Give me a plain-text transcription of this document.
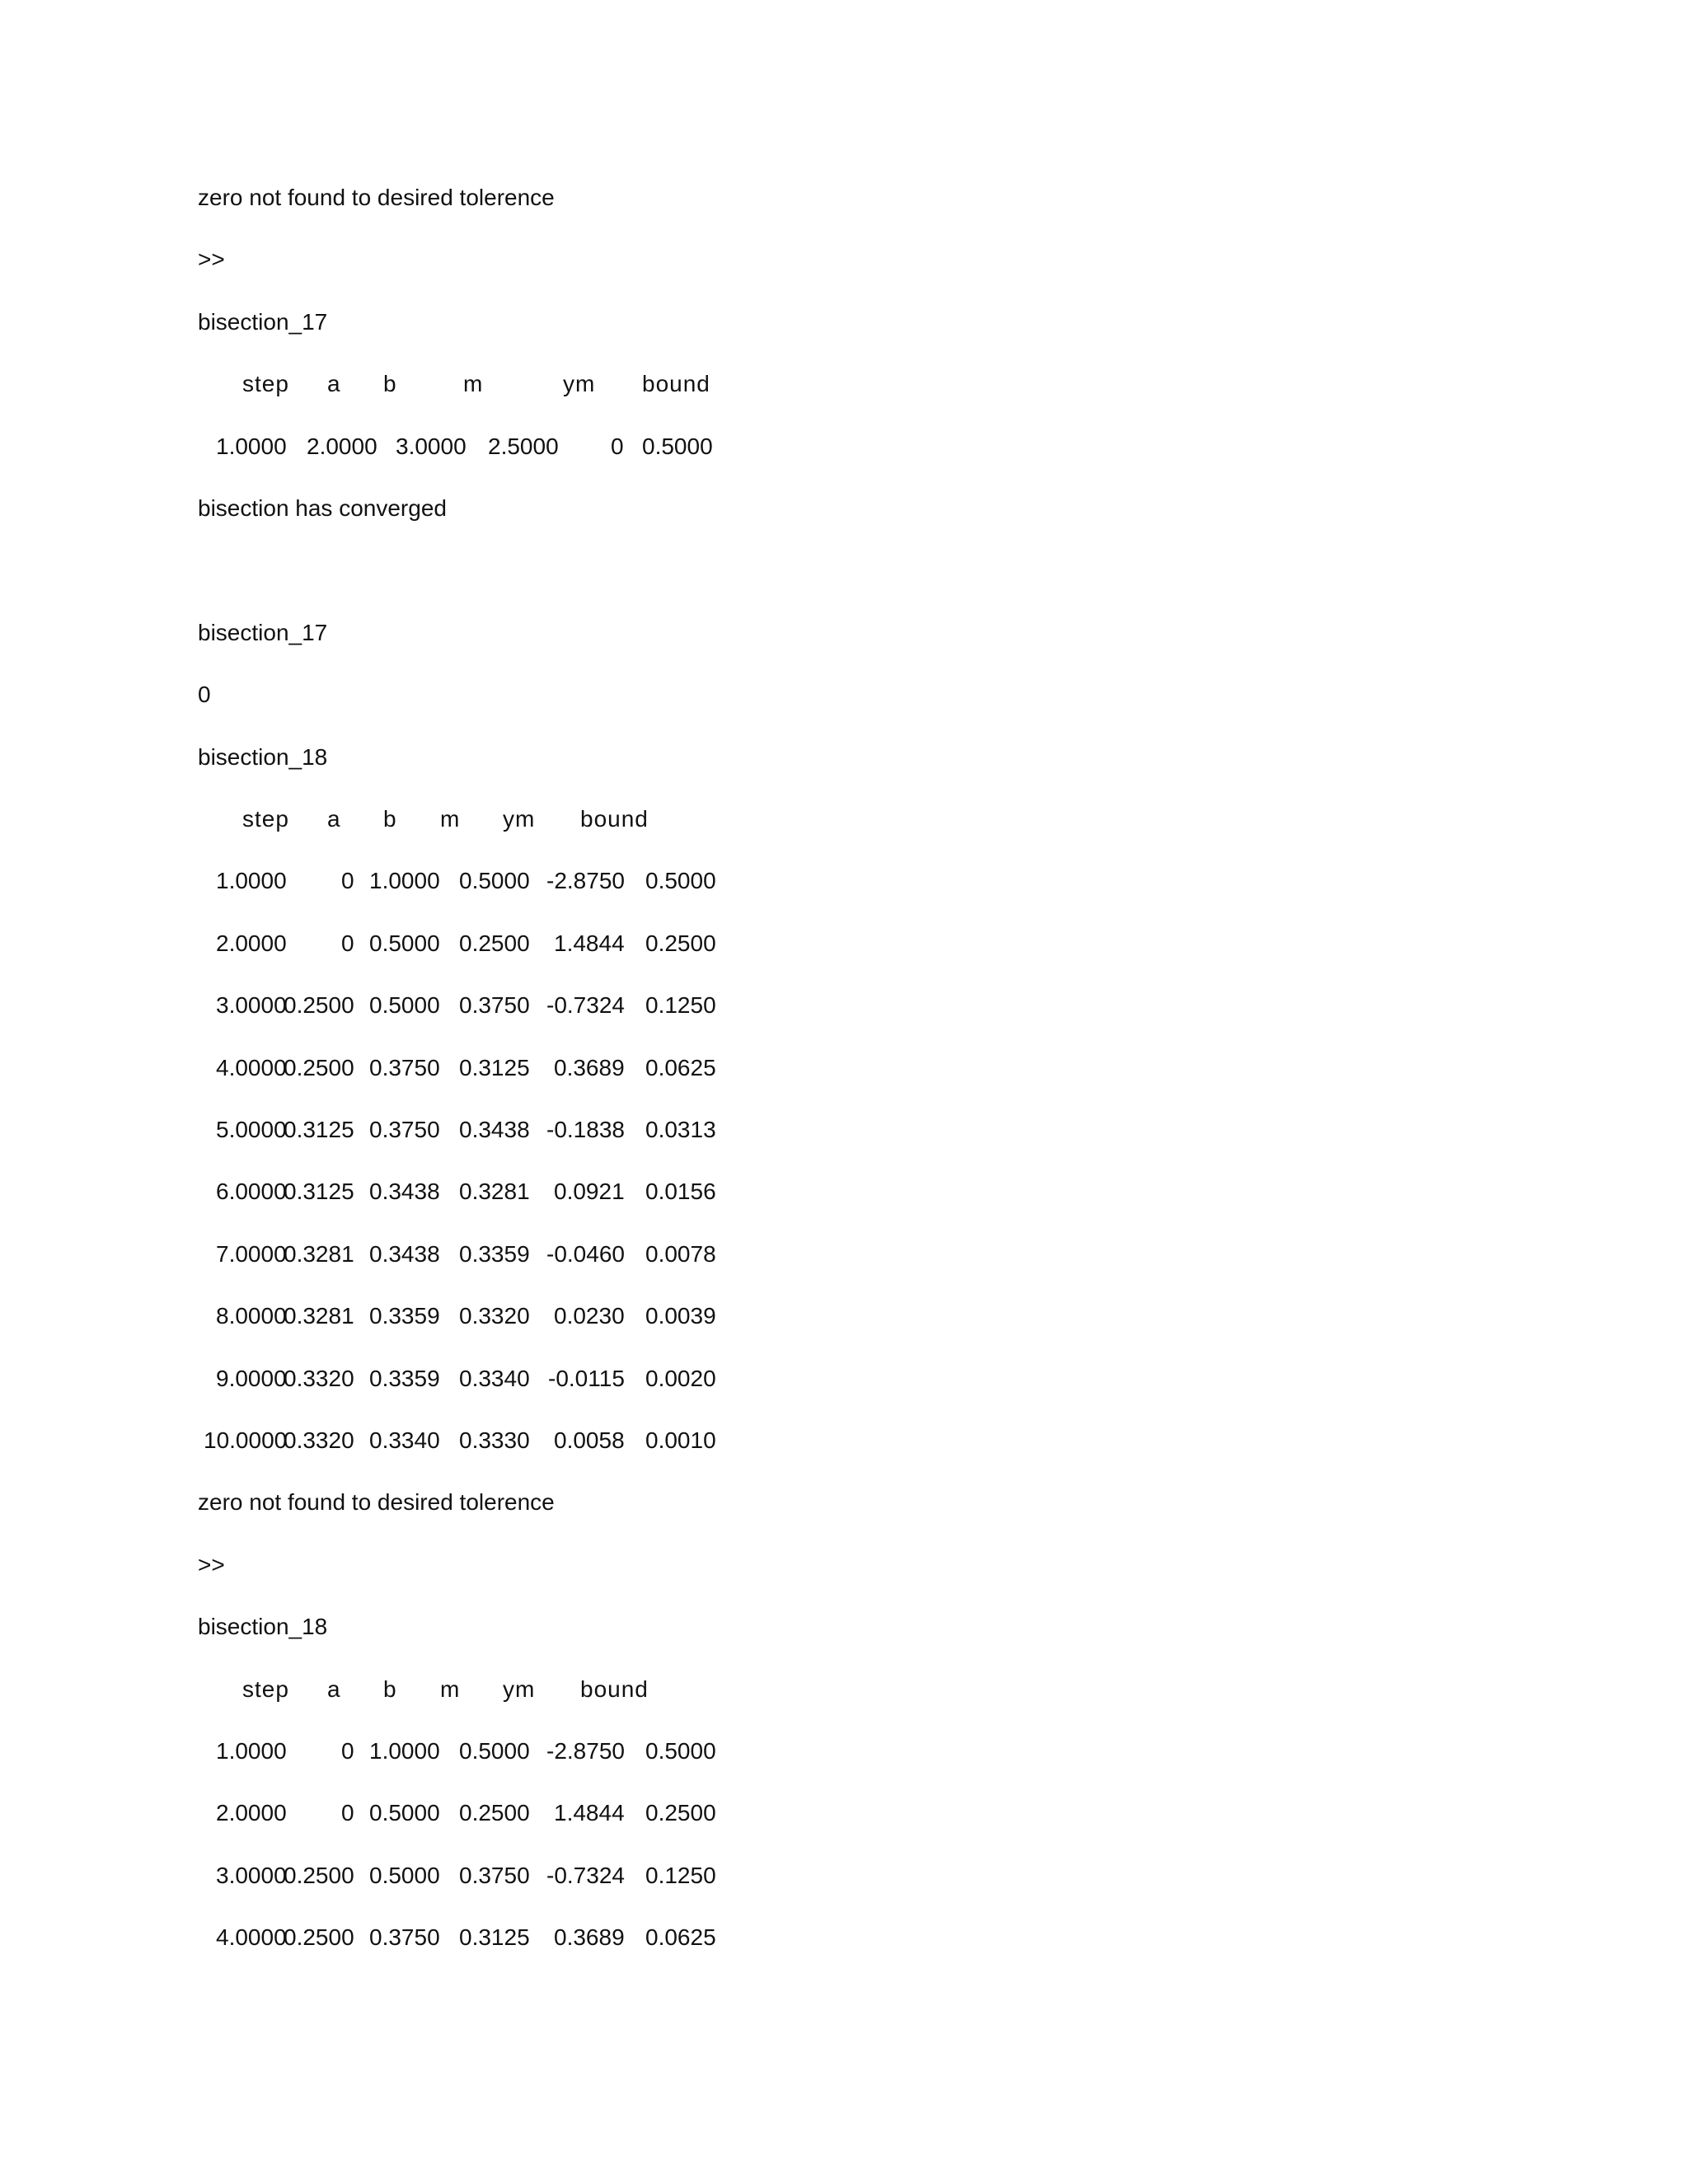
zero not found to desired tolerence
>>
bisection_17
step a b	m	ym bound
1.0000 2.0000 3.0000 2.5000 0 0.5000
bisection has converged
bisection_17
0
bisection_18
step a b m ym bound
1.0000 0 1.0000 0.5000 -2.8750 0.5000
2.0000 0 0.5000 0.2500 1.4844 0.2500
3.0000
0.2500 0.5000 0.3750 -0.7324 0.1250
4.0000
0.2500 0.3750 0.3125 0.3689 0.0625
5.0000
0.3125 0.3750 0.3438 -0.1838 0.0313
6.0000
0.3125 0.3438 0.3281 0.0921 0.0156
7.0000
0.3281 0.3438 0.3359 -0.0460 0.0078
8.0000
0.3281 0.3359 0.3320 0.0230 0.0039
9.0000
0.3320 0.3359 0.3340 -0.0115 0.0020
10.0000
0.3320 0.3340 0.3330 0.0058 0.0010
zero not found to desired tolerence
>>
bisection_18
step a b m ym bound
1.0000 0 1.0000 0.5000 -2.8750 0.5000
2.0000 0 0.5000 0.2500 1.4844 0.2500
3.0000
0.2500 0.5000 0.3750 -0.7324 0.1250
4.0000
0.2500 0.3750 0.3125 0.3689 0.0625
